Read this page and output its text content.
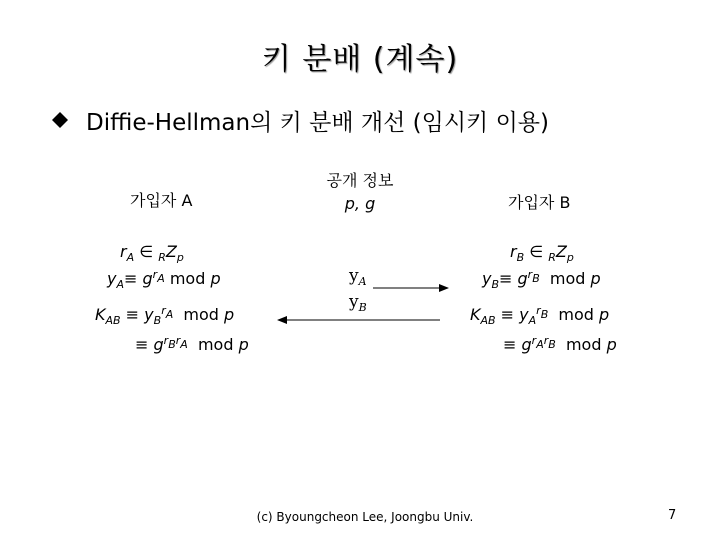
키 분배 (계속)
Diffie-Hellman의 키 분배 개선 (임시키 이용)
가입자 A
$r_A$ ∈ $_RZ_p$
$y_A\equiv g^{r_A}$ mod p
$K_{AB} \equiv y_B^{r_A}$ mod p
≡ $g^{r_Br_A}$ mod p
공개 정보
p, g
$y_A$
$y_B$
가입자 B
$r_B$ ∈ $_RZ_p$
$y_B\equiv g^{r_B}$ mod p
$K_{AB} \equiv y_A^{r_B}$ mod p
≡ $g^{r_Ar_B}$ mod p
(c) Byoungcheon Lee, Joongbu Univ.	7
